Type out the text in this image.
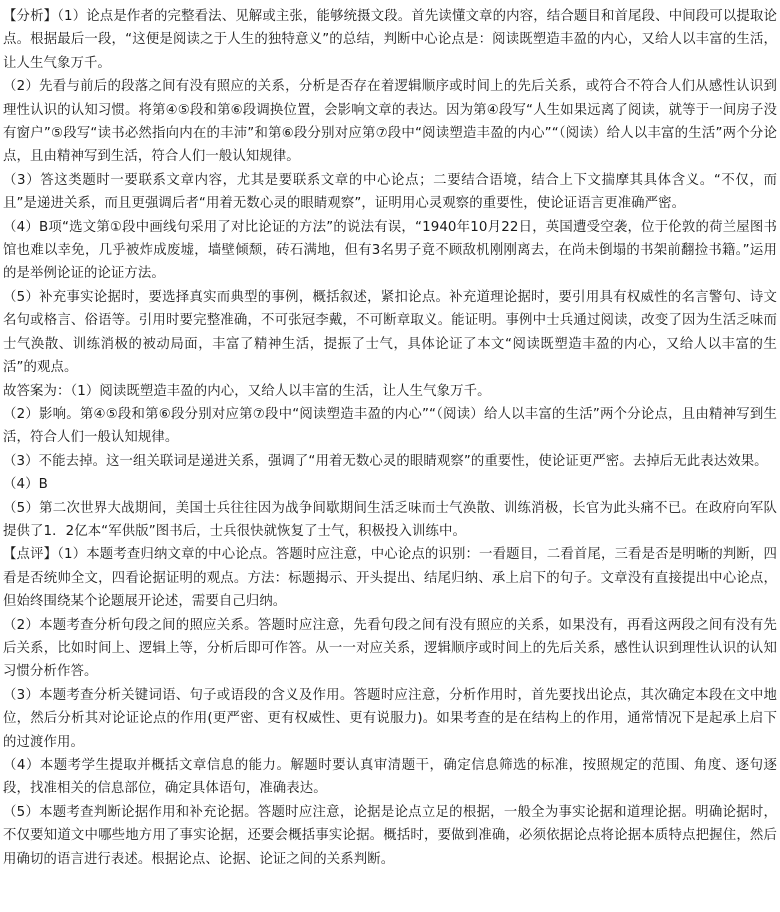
【分析】（1）论点是作者的完整看法、见解或主张，能够统摄文段。首先读懂文章的内容，结合题目和首尾段、中间段可以提取论点。根据最后一段，“这便是阅读之于人生的独特意义”的总结，判断中心论点是：阅读既塑造丰盈的内心，又给人以丰富的生活，让人生气象万千。

（2）先看与前后的段落之间有没有照应的关系，分析是否存在着逻辑顺序或时间上的先后关系，或符合不符合人们从感性认识到理性认识的认知习惯。将第④⑤段和第⑥段调换位置，会影响文章的表达。因为第④段写“人生如果远离了阅读，就等于一间房子没有窗户”⑤段写“读书必然指向内在的丰沛”和第⑥段分别对应第⑦段中“阅读塑造丰盈的内心”“（阅读）给人以丰富的生活”两个分论点，且由精神写到生活，符合人们一般认知规律。

（3）答这类题时一要联系文章内容，尤其是要联系文章的中心论点；二要结合语境，结合上下文揣摩其具体含义。“不仅，而且”是递进关系，而且更强调后者“用着无数心灵的眼睛观察”，证明用心灵观察的重要性，使论证语言更准确严密。

（4）B项“选文第①段中画线句采用了对比论证的方法”的说法有误，“1940年10月22日，英国遭受空袭，位于伦敦的荷兰屋图书馆也难以幸免，几乎被炸成废墟，墙壁倾颓，砖石满地，但有3名男子竟不顾敌机刚刚离去，在尚未倒塌的书架前翻捡书籍。”运用的是举例论证的论证方法。

（5）补充事实论据时，要选择真实而典型的事例，概括叙述，紧扣论点。补充道理论据时，要引用具有权威性的名言警句、诗文名句或格言、俗语等。引用时要完整准确，不可张冠李戴，不可断章取义。能证明。事例中士兵通过阅读，改变了因为生活乏味而士气涣散、训练消极的被动局面，丰富了精神生活，提振了士气，具体论证了本文“阅读既塑造丰盈的内心，又给人以丰富的生活”的观点。

故答案为：（1）阅读既塑造丰盈的内心，又给人以丰富的生活，让人生气象万千。

（2）影响。第④⑤段和第⑥段分别对应第⑦段中“阅读塑造丰盈的内心”“（阅读）给人以丰富的生活”两个分论点，且由精神写到生活，符合人们一般认知规律。

（3）不能去掉。这一组关联词是递进关系，强调了“用着无数心灵的眼睛观察”的重要性，使论证更严密。去掉后无此表达效果。

（4）B

（5）第二次世界大战期间，美国士兵往往因为战争间歇期间生活乏味而士气涣散、训练消极，长官为此头痛不已。在政府向军队提供了1．2亿本“军供版”图书后，士兵很快就恢复了士气，积极投入训练中。

【点评】（1）本题考查归纳文章的中心论点。答题时应注意，中心论点的识别：一看题目，二看首尾，三看是否是明晰的判断，四看是否统帅全文，四看论据证明的观点。方法：标题揭示、开头提出、结尾归纳、承上启下的句子。文章没有直接提出中心论点，但始终围绕某个论题展开论述，需要自己归纳。

（2）本题考查分析句段之间的照应关系。答题时应注意，先看句段之间有没有照应的关系，如果没有，再看这两段之间有没有先后关系，比如时间上、逻辑上等，分析后即可作答。从一一对应关系，逻辑顺序或时间上的先后关系，感性认识到理性认识的认知习惯分析作答。

（3）本题考查分析关键词语、句子或语段的含义及作用。答题时应注意，分析作用时，首先要找出论点，其次确定本段在文中地位，然后分析其对论证论点的作用(更严密、更有权威性、更有说服力)。如果考查的是在结构上的作用，通常情况下是起承上启下的过渡作用。

（4）本题考学生提取并概括文章信息的能力。解题时要认真审清题干，确定信息筛选的标准，按照规定的范围、角度、逐句逐段，找准相关的信息部位，确定具体语句，准确表达。

（5）本题考查判断论据作用和补充论据。答题时应注意，论据是论点立足的根据，一般全为事实论据和道理论据。明确论据时，不仅要知道文中哪些地方用了事实论据，还要会概括事实论据。概括时，要做到准确，必须依据论点将论据本质特点把握住，然后用确切的语言进行表述。根据论点、论据、论证之间的关系判断。
